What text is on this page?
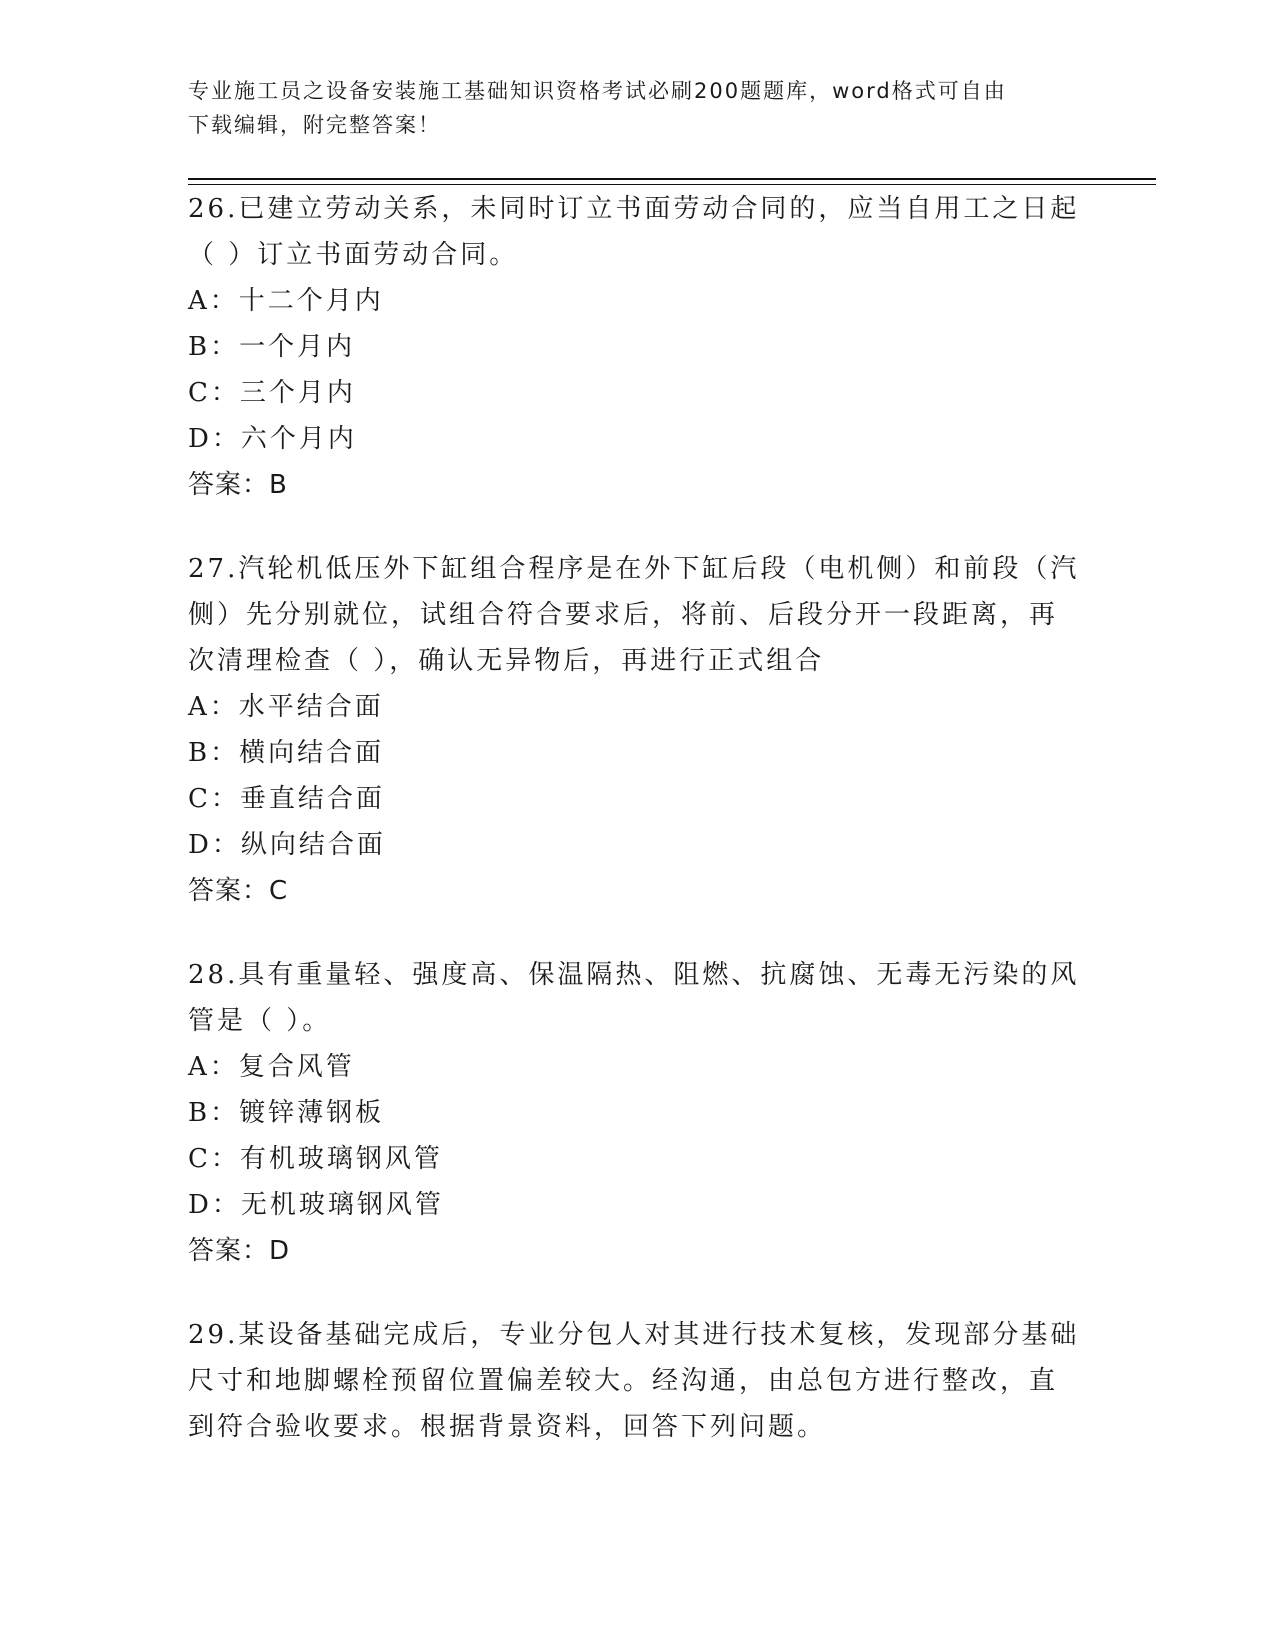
专业施工员之设备安装施工基础知识资格考试必刷200题题库，word格式可自由
下载编辑，附完整答案！
26.已建立劳动关系，未同时订立书面劳动合同的，应当自用工之日起
（ ）订立书面劳动合同。
A：十二个月内
B：一个月内
C：三个月内
D：六个月内
答案：B
27.汽轮机低压外下缸组合程序是在外下缸后段（电机侧）和前段（汽
侧）先分别就位，试组合符合要求后，将前、后段分开一段距离，再
次清理检查（ ），确认无异物后，再进行正式组合
A：水平结合面
B：横向结合面
C：垂直结合面
D：纵向结合面
答案：C
28.具有重量轻、强度高、保温隔热、阻燃、抗腐蚀、无毒无污染的风
管是（ ）。
A：复合风管
B：镀锌薄钢板
C：有机玻璃钢风管
D：无机玻璃钢风管
答案：D
29.某设备基础完成后，专业分包人对其进行技术复核，发现部分基础
尺寸和地脚螺栓预留位置偏差较大。经沟通，由总包方进行整改，直
到符合验收要求。根据背景资料，回答下列问题。
